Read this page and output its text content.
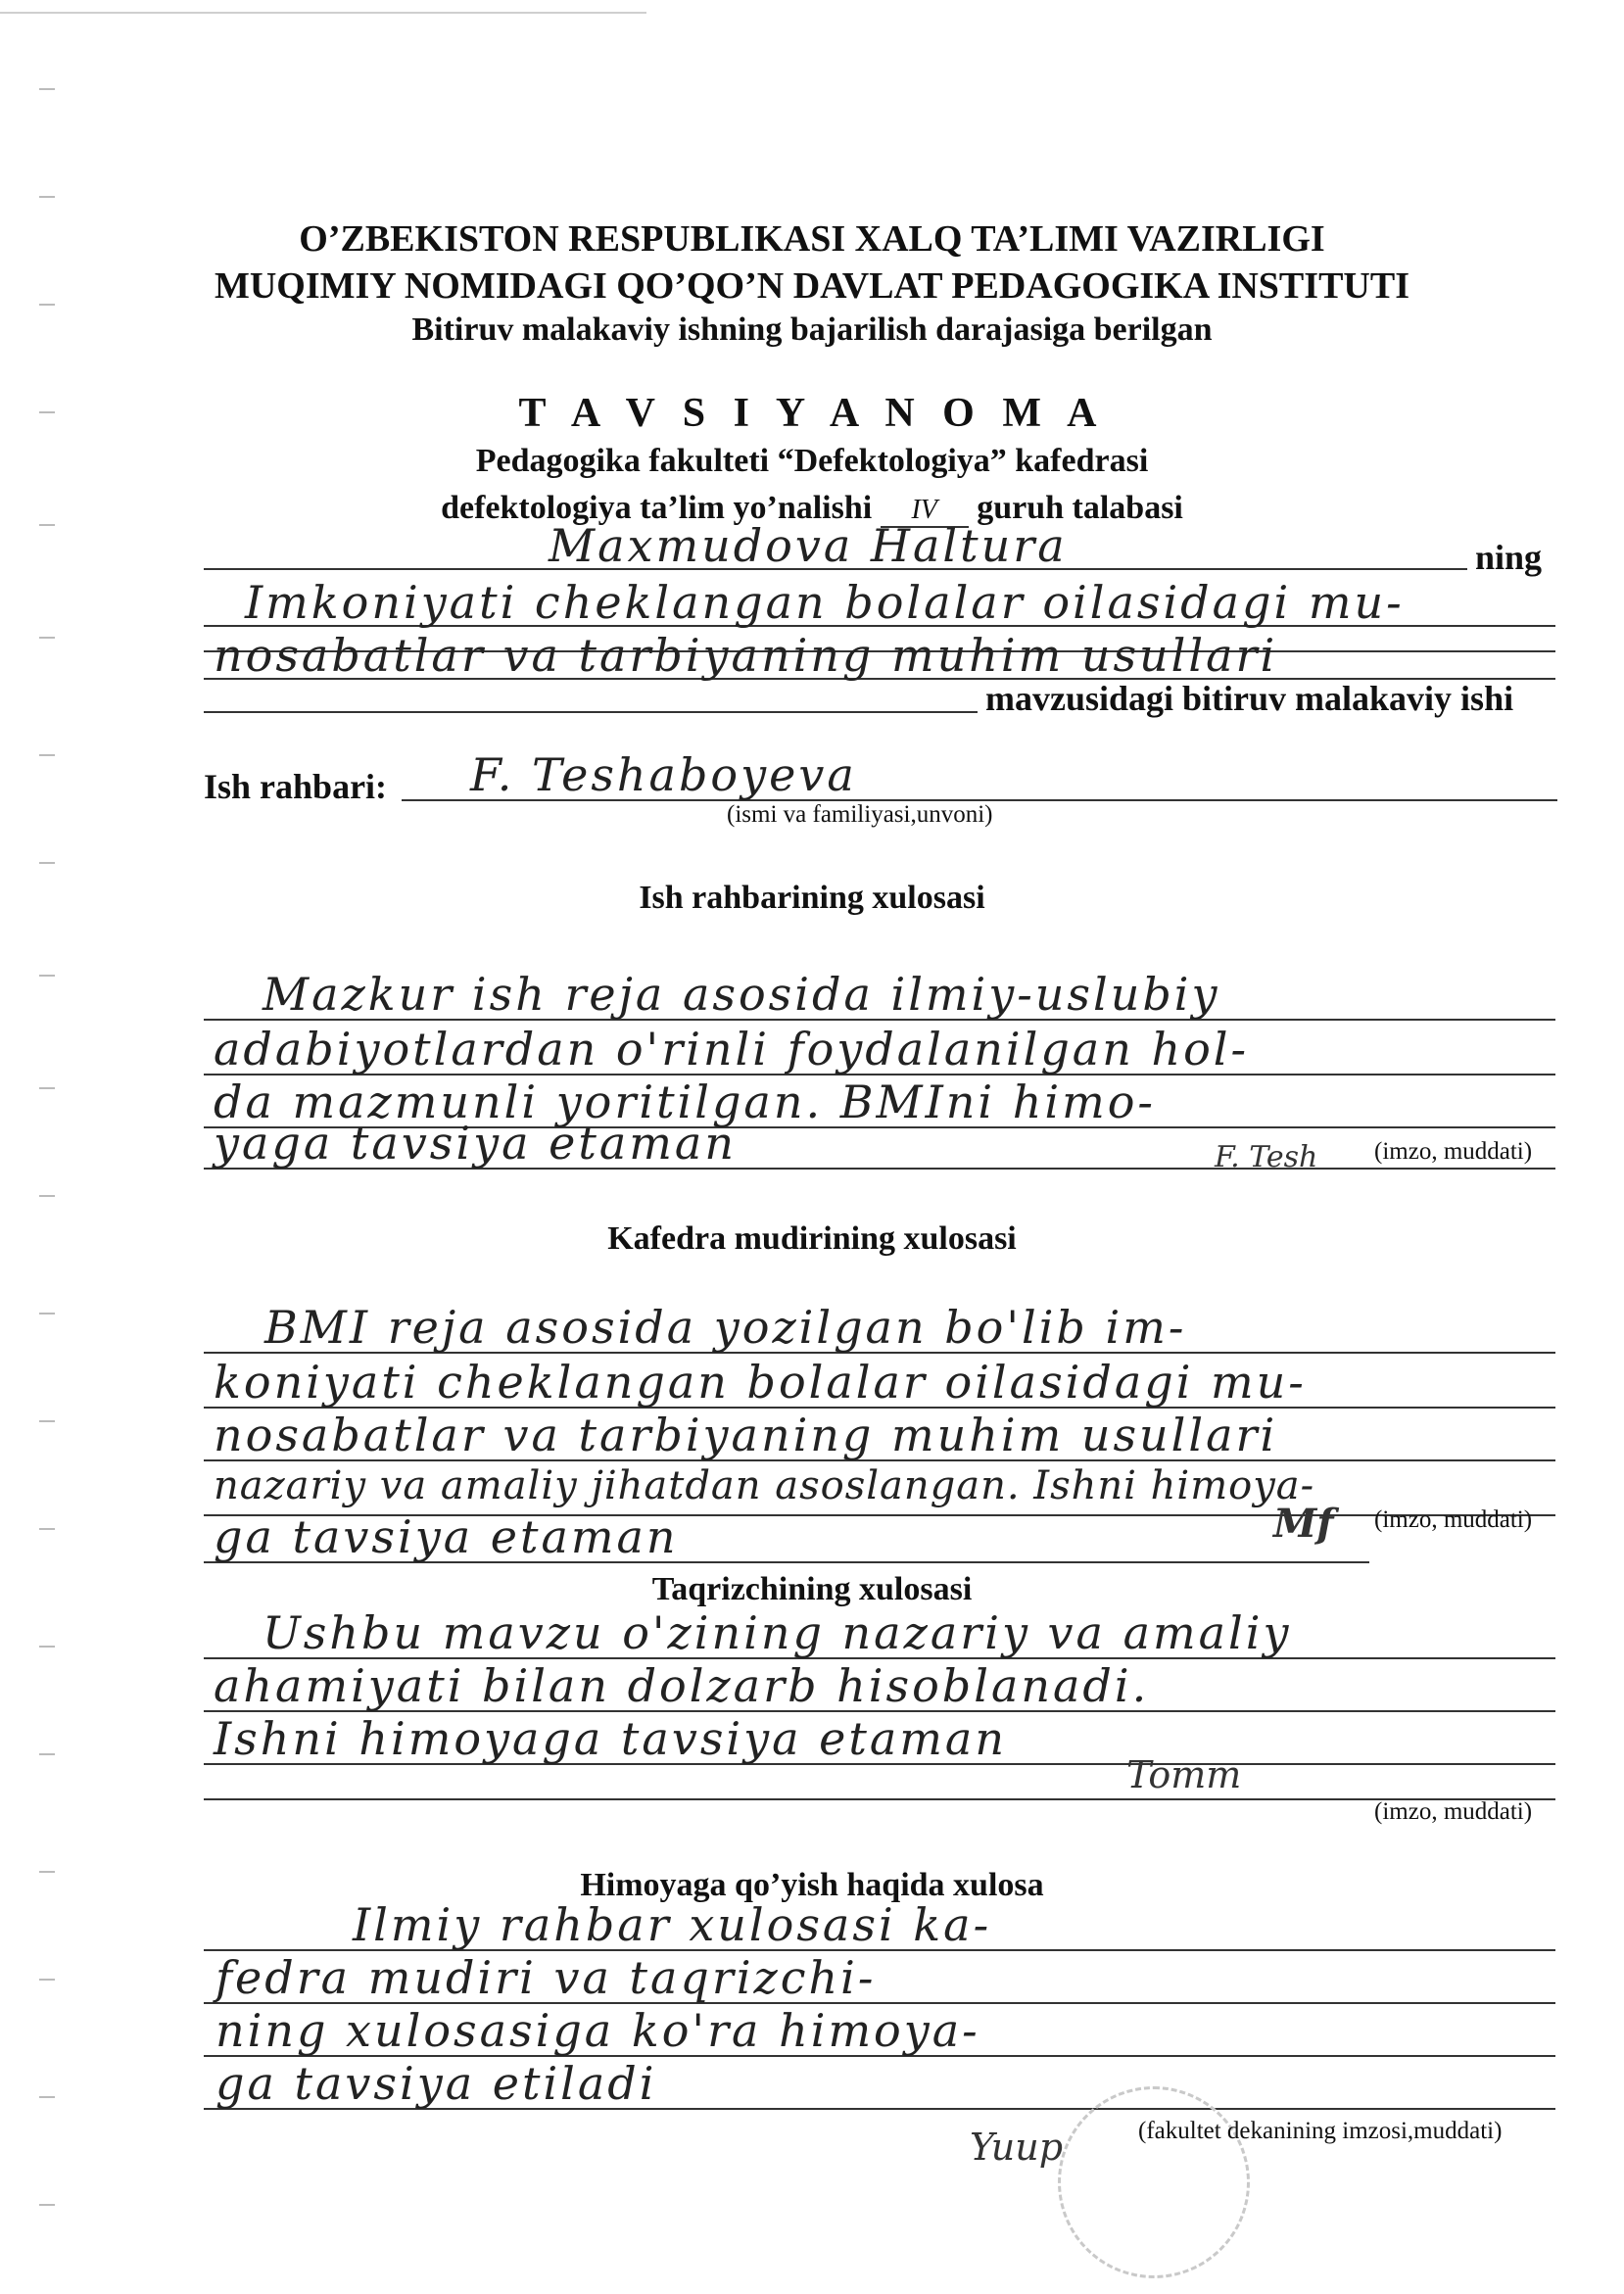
O’ZBEKISTON RESPUBLIKASI XALQ TA’LIMI VAZIRLIGI
MUQIMIY NOMIDAGI QO’QO’N DAVLAT PEDAGOGIKA INSTITUTI
Bitiruv malakaviy ishning bajarilish darajasiga berilgan
T A V S I Y A N O M A
Pedagogika fakulteti “Defektologiya” kafedrasi
defektologiya ta’lim yo’nalishi IV guruh talabasi
Maxmudova Haltura	ning
Imkoniyati cheklangan bolalar oilasidagi mu-
nosabatlar va tarbiyaning muhim usullari
mavzusidagi bitiruv malakaviy ishi
Ish rahbari: F. Teshaboyeva
(ismi va familiyasi,unvoni)
Ish rahbarining xulosasi
Mazkur ish reja asosida ilmiy-uslubiy
adabiyotlardan o'rinli foydalanilgan hol-
da mazmunli yoritilgan. BMIni himo-
yaga tavsiya etaman	F. Tesh (imzo, muddati)
Kafedra mudirining xulosasi
BMI reja asosida yozilgan bo'lib im-
koniyati cheklangan bolalar oilasidagi mu-
nosabatlar va tarbiyaning muhim usullari
nazariy va amaliy jihatdan asoslangan. Ishni himoya-
ga tavsiya etaman	Mf (imzo, muddati)
Taqrizchining xulosasi
Ushbu mavzu o'zining nazariy va amaliy
ahamiyati bilan dolzarb hisoblanadi.
Ishni himoyaga tavsiya etaman
Tomm
(imzo, muddati)
Himoyaga qo’yish haqida xulosa
Ilmiy rahbar xulosasi ka-
fedra mudiri va taqrizchi-
ning xulosasiga ko'ra himoya-
ga tavsiya etiladi
Yuup	(fakultet dekanining imzosi,muddati)
